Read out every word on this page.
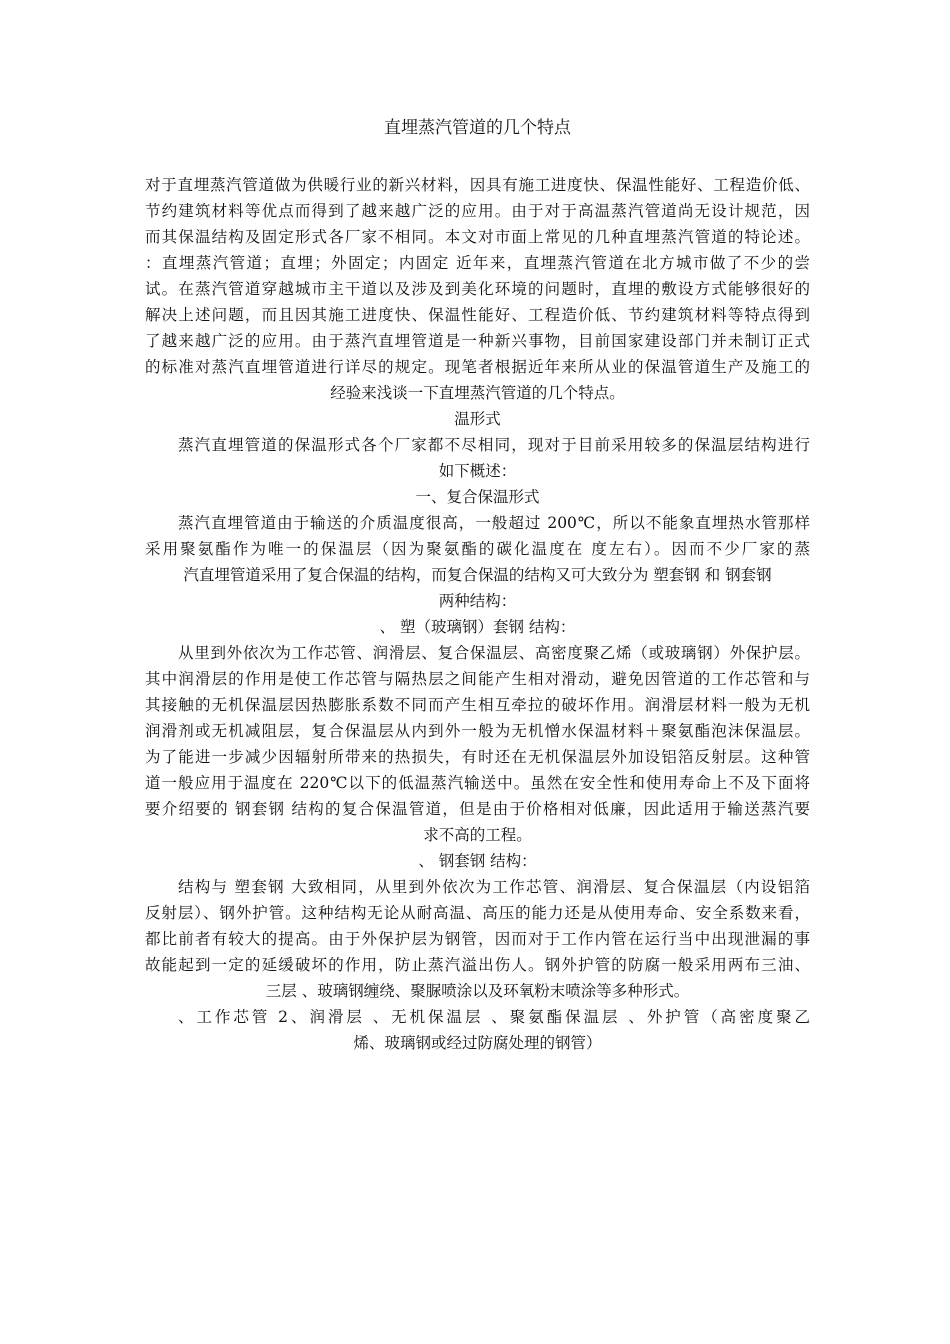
直埋蒸汽管道的几个特点
对于直埋蒸汽管道做为供暖行业的新兴材料，因具有施工进度快、保温性能好、工程造价低、
节约建筑材料等优点而得到了越来越广泛的应用。由于对于高温蒸汽管道尚无设计规范，因
而其保温结构及固定形式各厂家不相同。本文对市面上常见的几种直埋蒸汽管道的特论述。
：直埋蒸汽管道；直埋；外固定；内固定 近年来，直埋蒸汽管道在北方城市做了不少的尝
试。在蒸汽管道穿越城市主干道以及涉及到美化环境的问题时，直埋的敷设方式能够很好的
解决上述问题，而且因其施工进度快、保温性能好、工程造价低、节约建筑材料等特点得到
了越来越广泛的应用。由于蒸汽直埋管道是一种新兴事物，目前国家建设部门并未制订正式
的标准对蒸汽直埋管道进行详尽的规定。现笔者根据近年来所从业的保温管道生产及施工的
经验来浅谈一下直埋蒸汽管道的几个特点。
温形式
蒸汽直埋管道的保温形式各个厂家都不尽相同，现对于目前采用较多的保温层结构进行
如下概述：
一、复合保温形式
蒸汽直埋管道由于输送的介质温度很高，一般超过 200℃，所以不能象直埋热水管那样
采用聚氨酯作为唯一的保温层（因为聚氨酯的碳化温度在 度左右）。因而不少厂家的蒸
汽直埋管道采用了复合保温的结构，而复合保温的结构又可大致分为 塑套钢 和 钢套钢
两种结构：
、 塑（玻璃钢）套钢 结构：
从里到外依次为工作芯管、润滑层、复合保温层、高密度聚乙烯（或玻璃钢）外保护层。
其中润滑层的作用是使工作芯管与隔热层之间能产生相对滑动，避免因管道的工作芯管和与
其接触的无机保温层因热膨胀系数不同而产生相互牵拉的破坏作用。润滑层材料一般为无机
润滑剂或无机减阻层，复合保温层从内到外一般为无机憎水保温材料＋聚氨酯泡沫保温层。
为了能进一步减少因辐射所带来的热损失，有时还在无机保温层外加设铝箔反射层。这种管
道一般应用于温度在 220℃以下的低温蒸汽输送中。虽然在安全性和使用寿命上不及下面将
要介绍要的 钢套钢 结构的复合保温管道，但是由于价格相对低廉，因此适用于输送蒸汽要
求不高的工程。
、 钢套钢 结构：
结构与 塑套钢 大致相同，从里到外依次为工作芯管、润滑层、复合保温层（内设铝箔
反射层）、钢外护管。这种结构无论从耐高温、高压的能力还是从使用寿命、安全系数来看，
都比前者有较大的提高。由于外保护层为钢管，因而对于工作内管在运行当中出现泄漏的事
故能起到一定的延缓破坏的作用，防止蒸汽溢出伤人。钢外护管的防腐一般采用两布三油、
三层 、玻璃钢缠绕、聚脲喷涂以及环氧粉末喷涂等多种形式。
、工作芯管 2、润滑层 、无机保温层 、聚氨酯保温层 、外护管（高密度聚乙
烯、玻璃钢或经过防腐处理的钢管）
